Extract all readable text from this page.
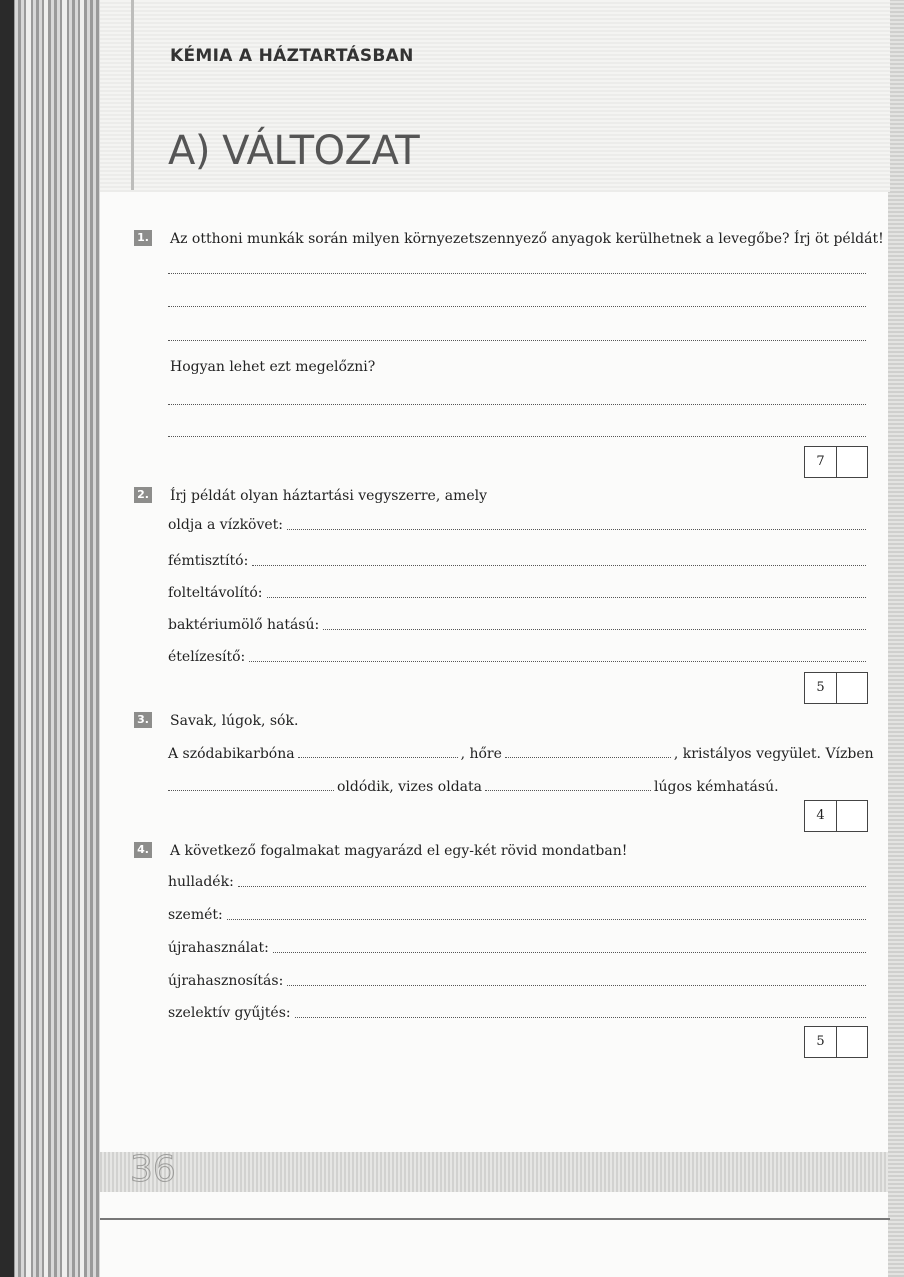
KÉMIA A HÁZTARTÁSBAN
A) VÁLTOZAT
1. Az otthoni munkák során milyen környezetszennyező anyagok kerülhetnek a levegőbe? Írj öt példát!
Hogyan lehet ezt megelőzni?
7
2. Írj példát olyan háztartási vegyszerre, amely
oldja a vízkövet:
fémtisztító:
folteltávolító:
baktériumölő hatású:
ételízesítő:
5
3. Savak, lúgok, sók.
A szódabikarbóna	, hőre	, kristályos vegyület. Vízben
oldódik, vizes oldata	lúgos kémhatású.
4
4. A következő fogalmakat magyarázd el egy-két rövid mondatban!
hulladék:
szemét:
újrahasználat:
újrahasznosítás:
szelektív gyűjtés:
5
36
